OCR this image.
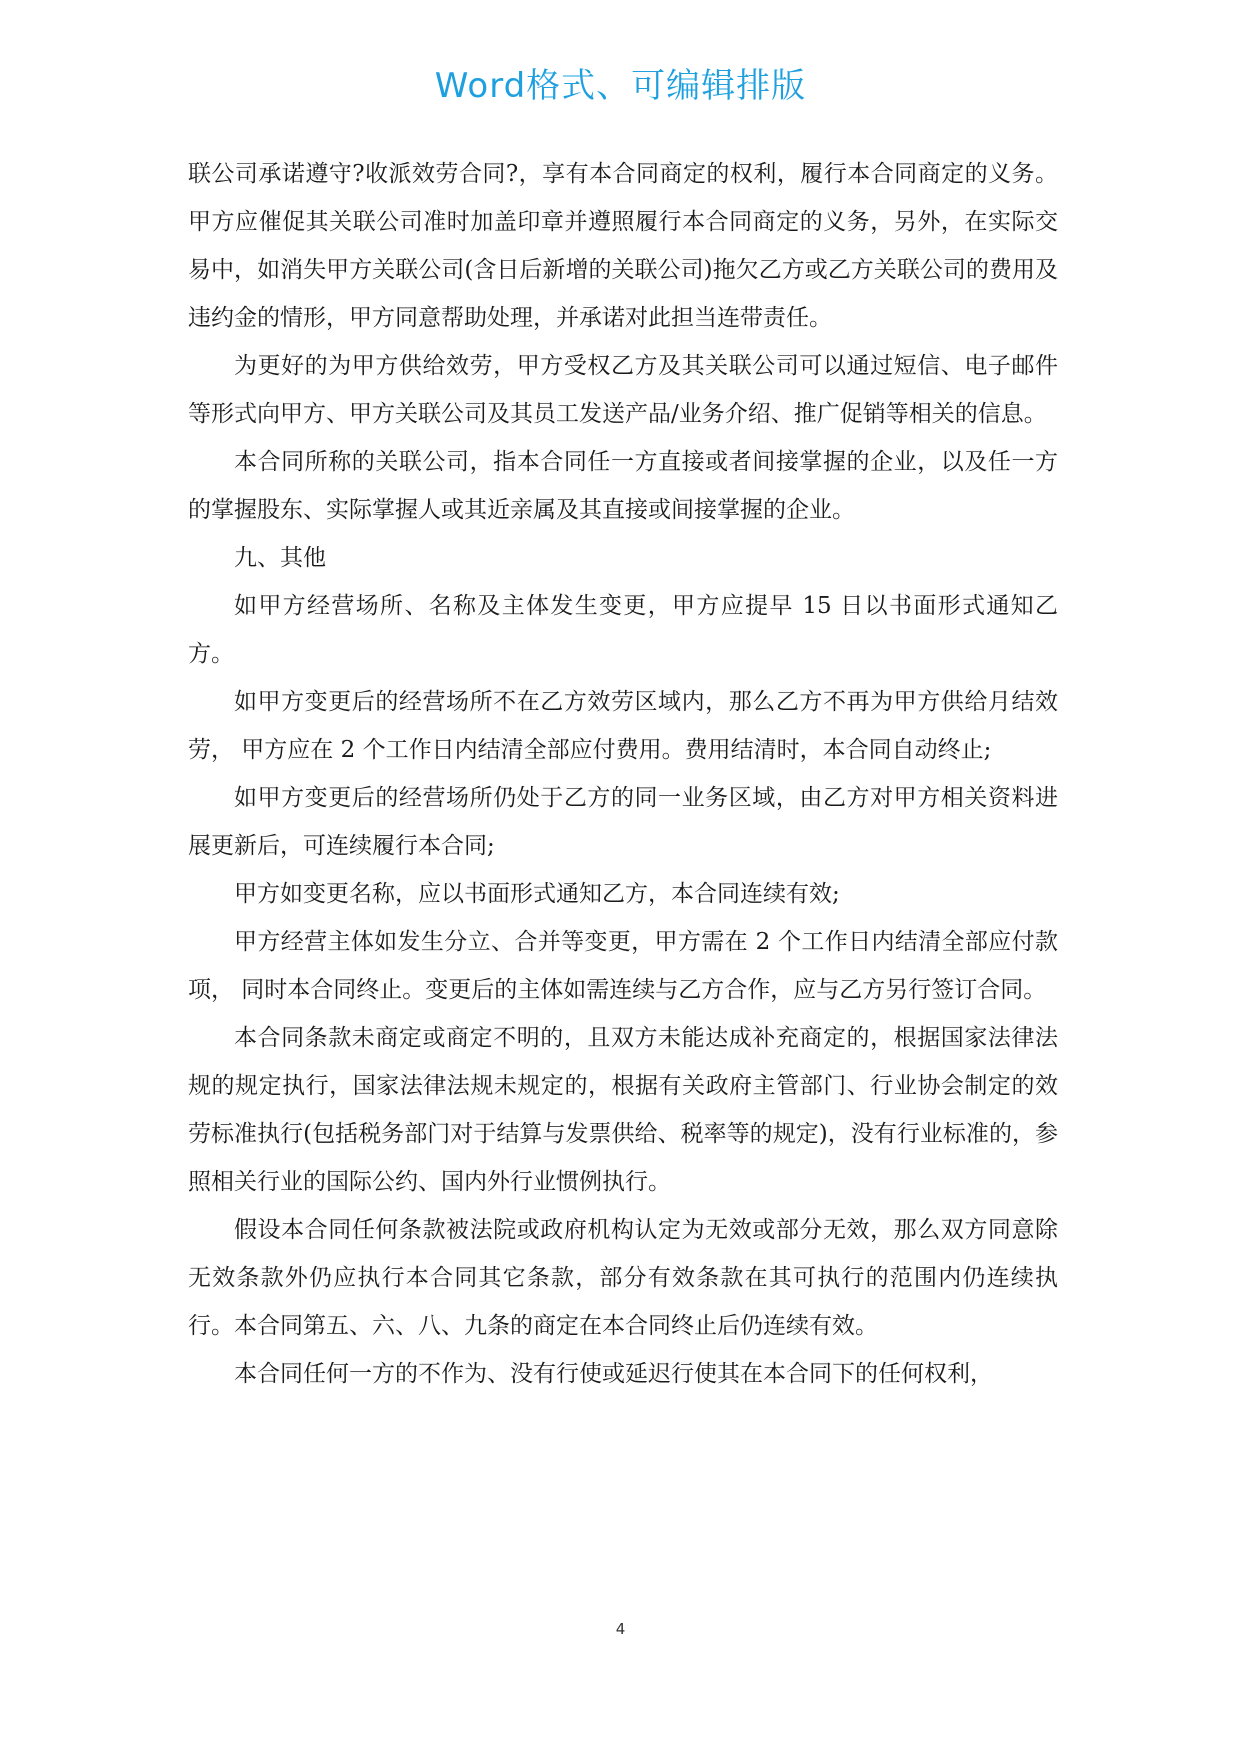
Word格式、可编辑排版

联公司承诺遵守?收派效劳合同?，享有本合同商定的权利，履行本合同商定的义务。甲方应催促其关联公司准时加盖印章并遵照履行本合同商定的义务，另外，在实际交易中，如消失甲方关联公司(含日后新增的关联公司)拖欠乙方或乙方关联公司的费用及违约金的情形，甲方同意帮助处理，并承诺对此担当连带责任。

为更好的为甲方供给效劳，甲方受权乙方及其关联公司可以通过短信、电子邮件等形式向甲方、甲方关联公司及其员工发送产品/业务介绍、推广促销等相关的信息。

本合同所称的关联公司，指本合同任一方直接或者间接掌握的企业，以及任一方的掌握股东、实际掌握人或其近亲属及其直接或间接掌握的企业。

九、其他

如甲方经营场所、名称及主体发生变更，甲方应提早 15 日以书面形式通知乙方。

如甲方变更后的经营场所不在乙方效劳区域内，那么乙方不再为甲方供给月结效劳， 甲方应在 2 个工作日内结清全部应付费用。费用结清时，本合同自动终止;

如甲方变更后的经营场所仍处于乙方的同一业务区域，由乙方对甲方相关资料进展更新后，可连续履行本合同;

甲方如变更名称，应以书面形式通知乙方，本合同连续有效;

甲方经营主体如发生分立、合并等变更，甲方需在 2 个工作日内结清全部应付款项， 同时本合同终止。变更后的主体如需连续与乙方合作，应与乙方另行签订合同。

本合同条款未商定或商定不明的，且双方未能达成补充商定的，根据国家法律法规的规定执行，国家法律法规未规定的，根据有关政府主管部门、行业协会制定的效劳标准执行(包括税务部门对于结算与发票供给、税率等的规定)，没有行业标准的，参照相关行业的国际公约、国内外行业惯例执行。

假设本合同任何条款被法院或政府机构认定为无效或部分无效，那么双方同意除无效条款外仍应执行本合同其它条款，部分有效条款在其可执行的范围内仍连续执行。本合同第五、六、八、九条的商定在本合同终止后仍连续有效。

本合同任何一方的不作为、没有行使或延迟行使其在本合同下的任何权利，

4
